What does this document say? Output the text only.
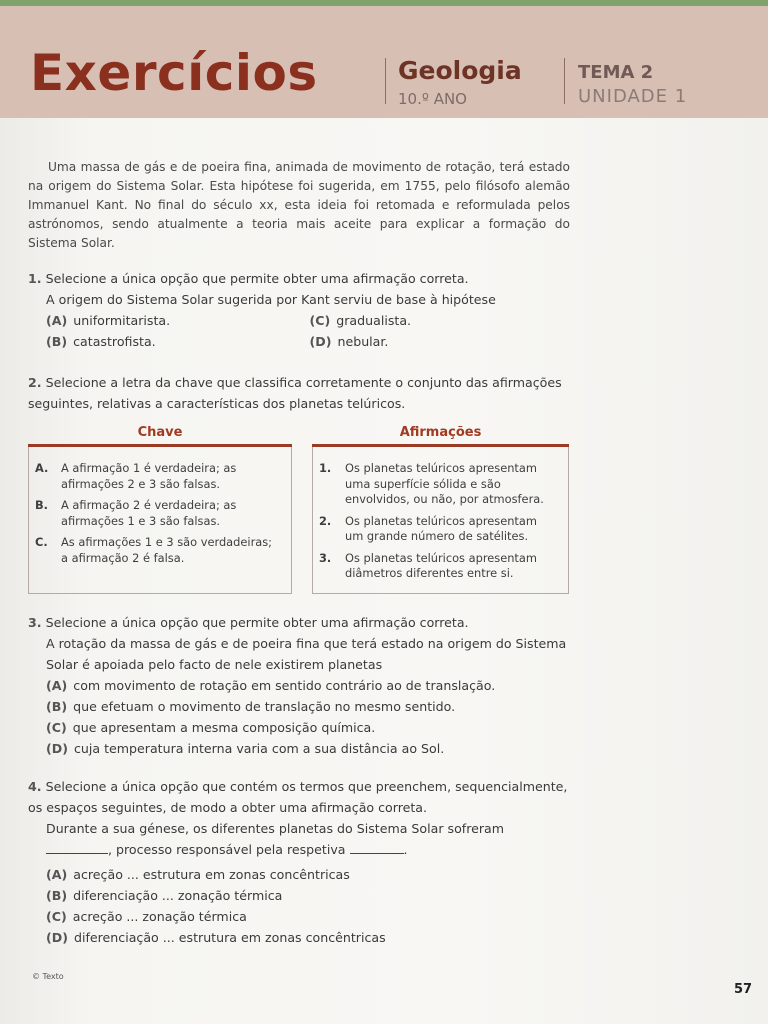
Exercícios	Geologia
10.º ANO
TEMA 2
UNIDADE 1

Uma massa de gás e de poeira fina, animada de movimento de rotação, terá estado na origem do Sistema Solar. Esta hipótese foi sugerida, em 1755, pelo filósofo alemão Immanuel Kant. No final do século xx, esta ideia foi retomada e reformulada pelos astrónomos, sendo atualmente a teoria mais aceite para explicar a formação do Sistema Solar.

1. Selecione a única opção que permite obter uma afirmação correta.
A origem do Sistema Solar sugerida por Kant serviu de base à hipótese
(A) uniformitarista.	(C) gradualista.
(B) catastrofista.	(D) nebular.
2. Selecione a letra da chave que classifica corretamente o conjunto das afirmações seguintes, relativas a características dos planetas telúricos.
Chave
A.	A afirmação 1 é verdadeira; as afirmações 2 e 3 são falsas.
B.	A afirmação 2 é verdadeira; as afirmações 1 e 3 são falsas.
C.	As afirmações 1 e 3 são verdadeiras; a afirmação 2 é falsa.
Afirmações
1.	Os planetas telúricos apresentam uma superfície sólida e são envolvidos, ou não, por atmosfera.
2.	Os planetas telúricos apresentam um grande número de satélites.
3.	Os planetas telúricos apresentam diâmetros diferentes entre si.
3. Selecione a única opção que permite obter uma afirmação correta.
A rotação da massa de gás e de poeira fina que terá estado na origem do Sistema Solar é apoiada pelo facto de nele existirem planetas
(A) com movimento de rotação em sentido contrário ao de translação.
(B) que efetuam o movimento de translação no mesmo sentido.
(C) que apresentam a mesma composição química.
(D) cuja temperatura interna varia com a sua distância ao Sol.
4. Selecione a única opção que contém os termos que preenchem, sequencialmente, os espaços seguintes, de modo a obter uma afirmação correta.
Durante a sua génese, os diferentes planetas do Sistema Solar sofreram
, processo responsável pela respetiva	.
(A) acreção ... estrutura em zonas concêntricas
(B) diferenciação ... zonação térmica
(C) acreção ... zonação térmica
(D) diferenciação ... estrutura em zonas concêntricas
© Texto
57
